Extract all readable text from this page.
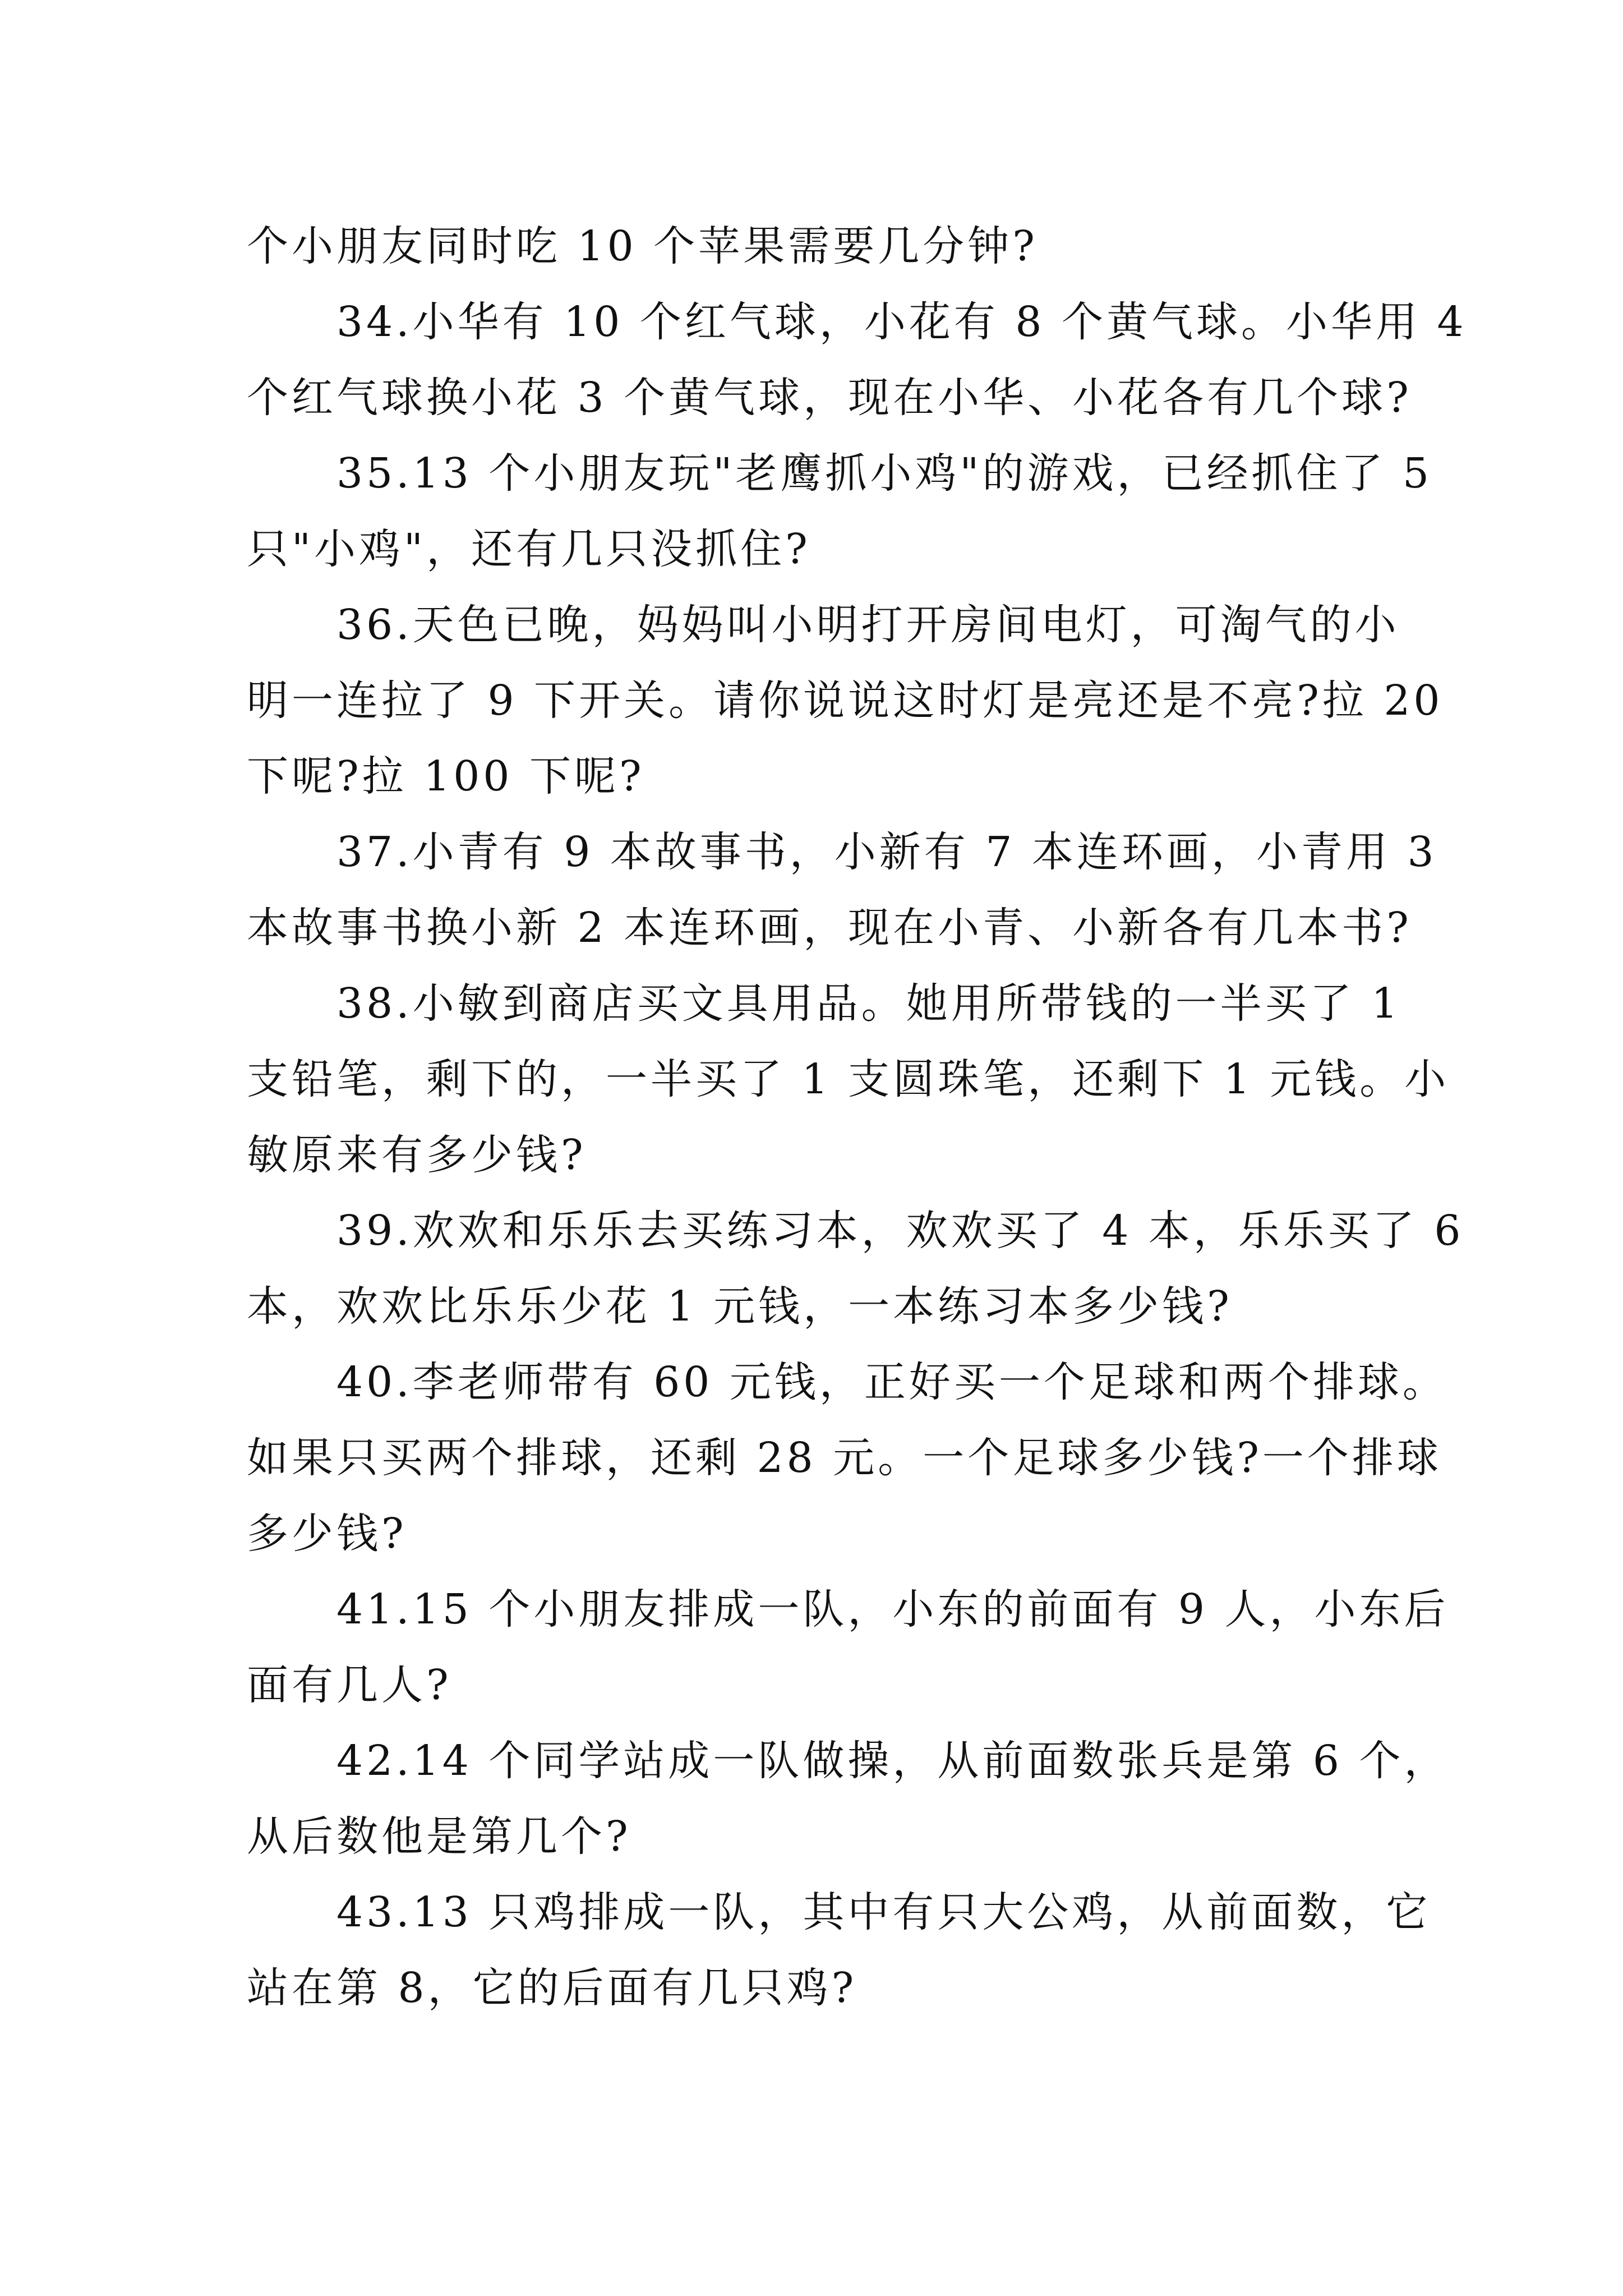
个小朋友同时吃 10 个苹果需要几分钟?
34.小华有 10 个红气球，小花有 8 个黄气球。小华用 4
个红气球换小花 3 个黄气球，现在小华、小花各有几个球?
35.13 个小朋友玩"老鹰抓小鸡"的游戏，已经抓住了 5
只"小鸡"，还有几只没抓住?
36.天色已晚，妈妈叫小明打开房间电灯，可淘气的小
明一连拉了 9 下开关。请你说说这时灯是亮还是不亮?拉 20
下呢?拉 100 下呢?
37.小青有 9 本故事书，小新有 7 本连环画，小青用 3
本故事书换小新 2 本连环画，现在小青、小新各有几本书?
38.小敏到商店买文具用品。她用所带钱的一半买了 1
支铅笔，剩下的，一半买了 1 支圆珠笔，还剩下 1 元钱。小
敏原来有多少钱?
39.欢欢和乐乐去买练习本，欢欢买了 4 本，乐乐买了 6
本，欢欢比乐乐少花 1 元钱，一本练习本多少钱?
40.李老师带有 60 元钱，正好买一个足球和两个排球。
如果只买两个排球，还剩 28 元。一个足球多少钱?一个排球
多少钱?
41.15 个小朋友排成一队，小东的前面有 9 人，小东后
面有几人?
42.14 个同学站成一队做操，从前面数张兵是第 6 个，
从后数他是第几个?
43.13 只鸡排成一队，其中有只大公鸡，从前面数，它
站在第 8，它的后面有几只鸡?
